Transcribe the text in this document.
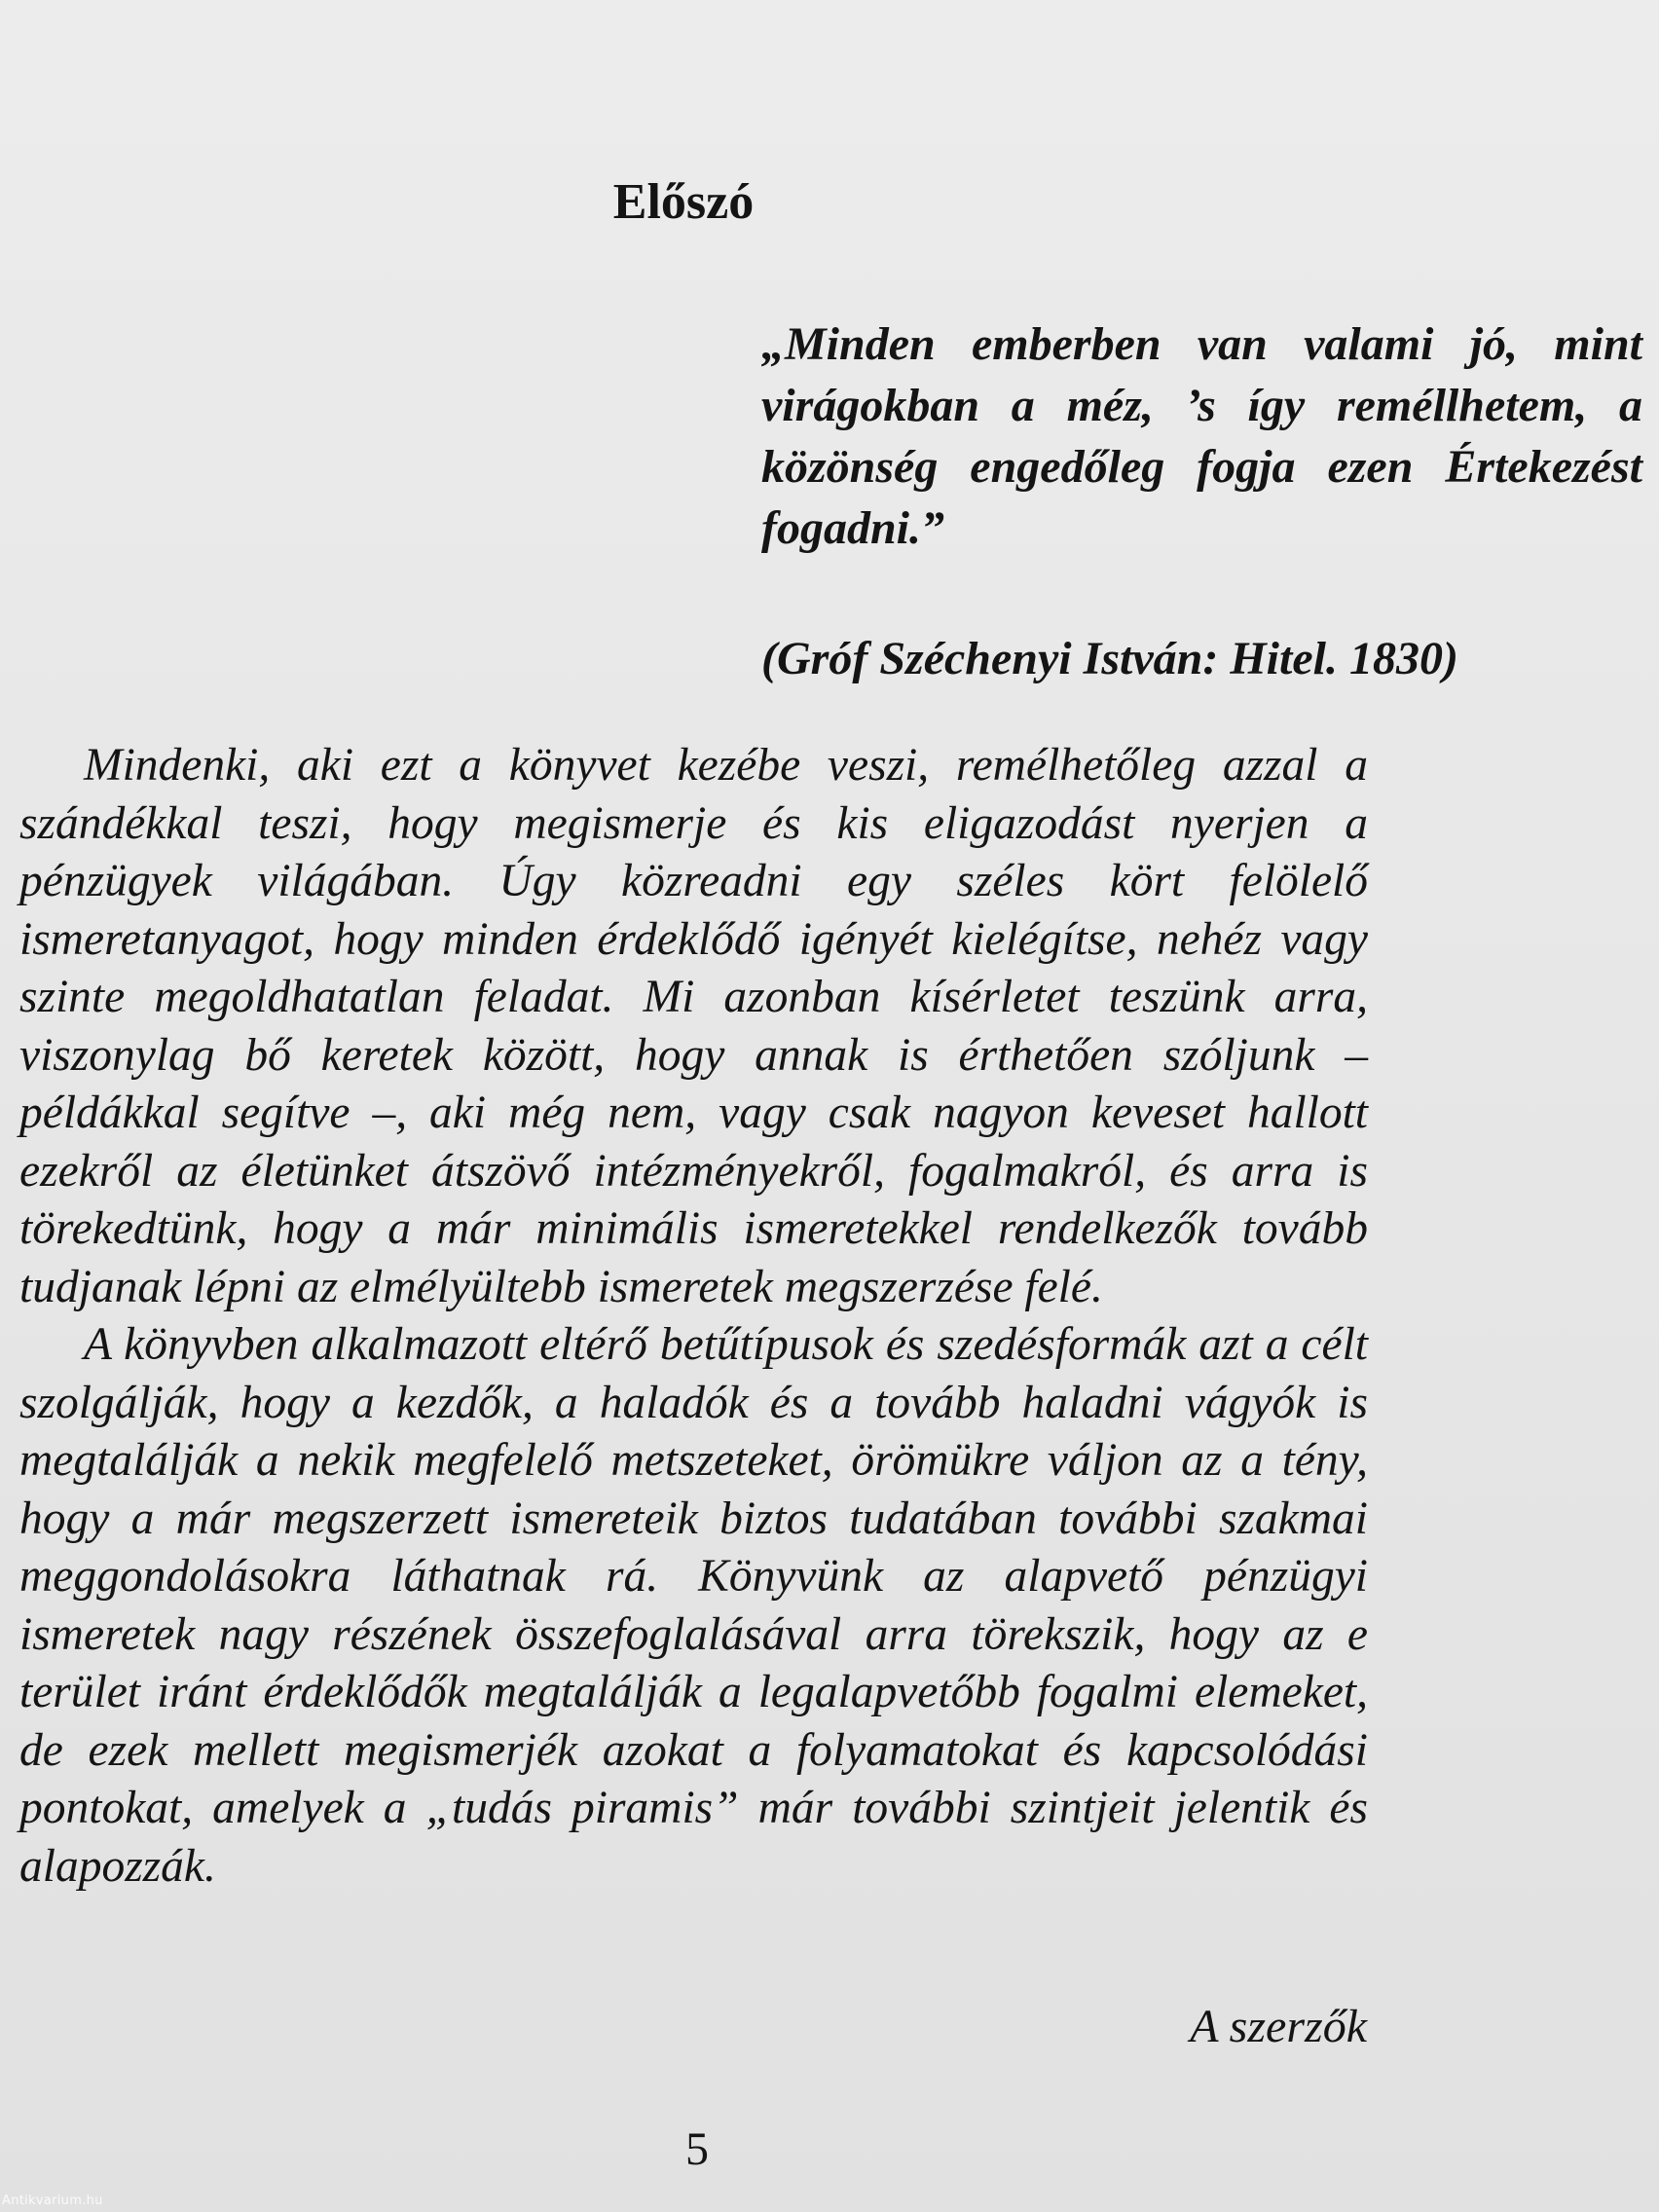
Előszó

„Minden emberben van valami jó, mint virágokban a méz, ’s így reméllhetem, a közönség engedőleg fogja ezen Értekezést fogadni.”

(Gróf Széchenyi István: Hitel. 1830)

Mindenki, aki ezt a könyvet kezébe veszi, remélhetőleg azzal a szándékkal teszi, hogy megismerje és kis eligazodást nyerjen a pénzügyek világában. Úgy közreadni egy széles kört felölelő ismeretanyagot, hogy minden érdeklődő igényét kielégítse, nehéz vagy szinte megoldhatatlan feladat. Mi azonban kísérletet teszünk arra, viszonylag bő keretek között, hogy annak is érthetően szóljunk – példákkal segítve –, aki még nem, vagy csak nagyon keveset hallott ezekről az életünket átszövő intézményekről, fogalmakról, és arra is törekedtünk, hogy a már minimális ismeretekkel rendelkezők tovább tudjanak lépni az elmélyültebb ismeretek megszerzése felé.

A könyvben alkalmazott eltérő betűtípusok és szedésformák azt a célt szolgálják, hogy a kezdők, a haladók és a tovább haladni vágyók is megtalálják a nekik megfelelő metszeteket, örömükre váljon az a tény, hogy a már megszerzett ismereteik biztos tudatában további szakmai meggondolásokra láthatnak rá. Könyvünk az alapvető pénzügyi ismeretek nagy részének összefoglalásával arra törekszik, hogy az e terület iránt érdeklődők megtalálják a legalapvetőbb fogalmi elemeket, de ezek mellett megismerjék azokat a folyamatokat és kapcsolódási pontokat, amelyek a „tudás piramis” már további szintjeit jelentik és alapozzák.

A szerzők

5

Antikvarium.hu
